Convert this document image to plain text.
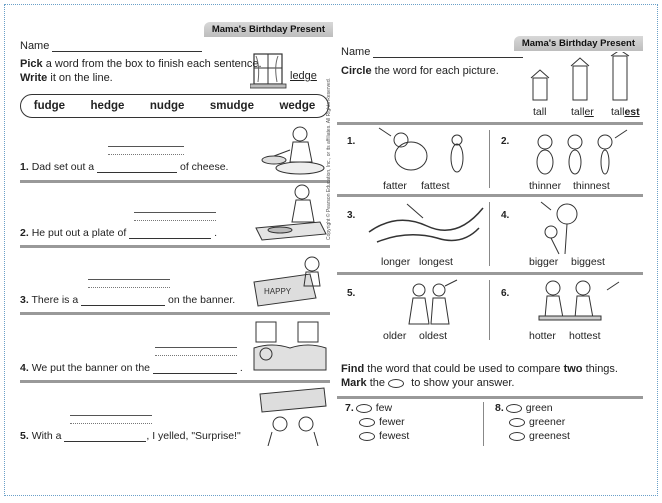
Mama's Birthday Present
Name
Pick a word from the box to finish each sentence.
Write it on the line.	ledge
fudge hedge nudge smudge wedge
1. Dad set out a	of cheese.
2. He put out a plate of	.
3. There is a	on the banner.
HAPPY
4. We put the banner on the	.
5. With a	, I yelled, "Surprise!"
Copyright © Pearson Education, Inc., or its affiliates. All Rights Reserved.
Mama's Birthday Present
Name
Circle the word for each picture.
tall taller tallest
1.
fatter fattest
2.
thinner thinnest
3.
longer longest
4.
bigger biggest
5.
older oldest
6.
hotter hottest
Find the word that could be used to compare two things.
Mark the  to show your answer.
7. few
fewer
fewest
8. green
greener
greenest
